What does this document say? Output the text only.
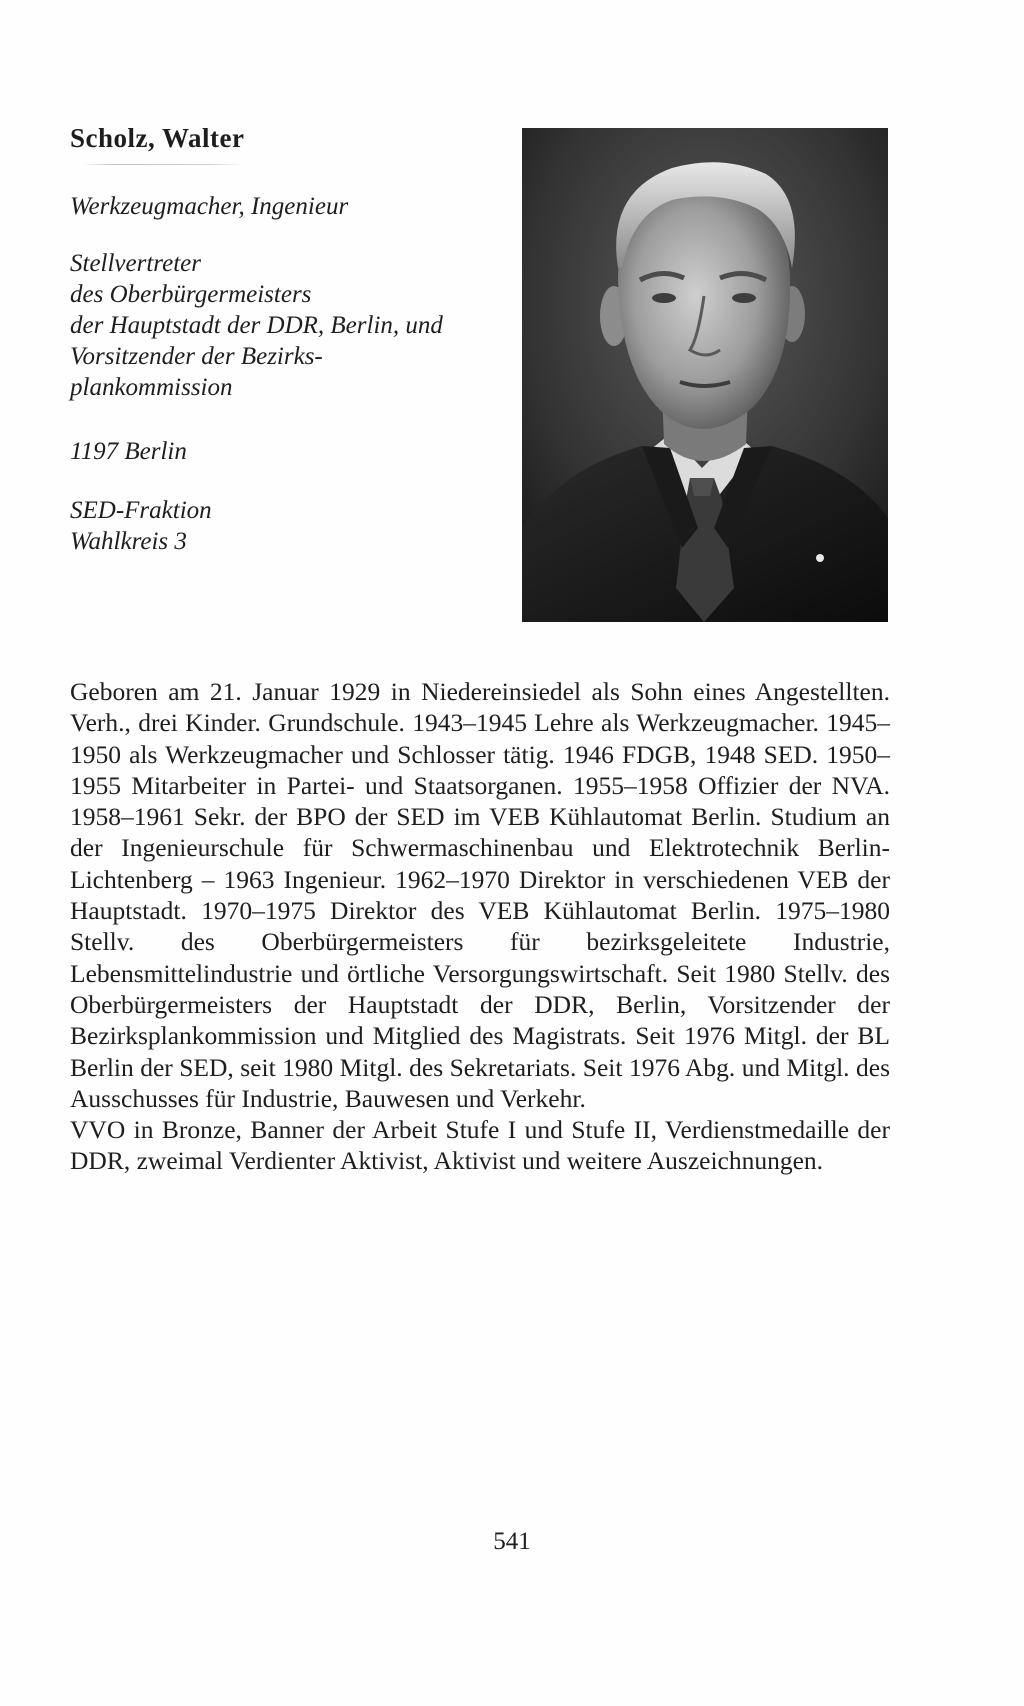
Scholz, Walter
Werkzeugmacher, Ingenieur
Stellvertreter
des Oberbürgermeisters
der Hauptstadt der DDR, Berlin, und
Vorsitzender der Bezirks-
plankommission
1197 Berlin
SED-Fraktion
Wahlkreis 3

Geboren am 21. Januar 1929 in Niedereinsiedel als Sohn eines Angestellten. Verh., drei Kinder. Grundschule. 1943–1945 Lehre als Werkzeugmacher. 1945–1950 als Werkzeugmacher und Schlosser tätig. 1946 FDGB, 1948 SED. 1950–1955 Mitarbeiter in Partei- und Staatsorganen. 1955–1958 Offizier der NVA. 1958–1961 Sekr. der BPO der SED im VEB Kühlautomat Berlin. Studium an der Ingenieurschule für Schwermaschinenbau und Elektrotechnik Berlin-Lichtenberg – 1963 Ingenieur. 1962–1970 Direktor in verschiedenen VEB der Hauptstadt. 1970–1975 Direktor des VEB Kühlautomat Berlin. 1975–1980 Stellv. des Oberbürgermeisters für bezirksgeleitete Industrie, Lebensmittelindustrie und örtliche Versorgungswirtschaft. Seit 1980 Stellv. des Oberbürgermeisters der Hauptstadt der DDR, Berlin, Vorsitzender der Bezirksplankommission und Mitglied des Magistrats. Seit 1976 Mitgl. der BL Berlin der SED, seit 1980 Mitgl. des Sekretariats. Seit 1976 Abg. und Mitgl. des Ausschusses für Industrie, Bauwesen und Verkehr.

VVO in Bronze, Banner der Arbeit Stufe I und Stufe II, Verdienstmedaille der DDR, zweimal Verdienter Aktivist, Aktivist und weitere Auszeichnungen.

541
